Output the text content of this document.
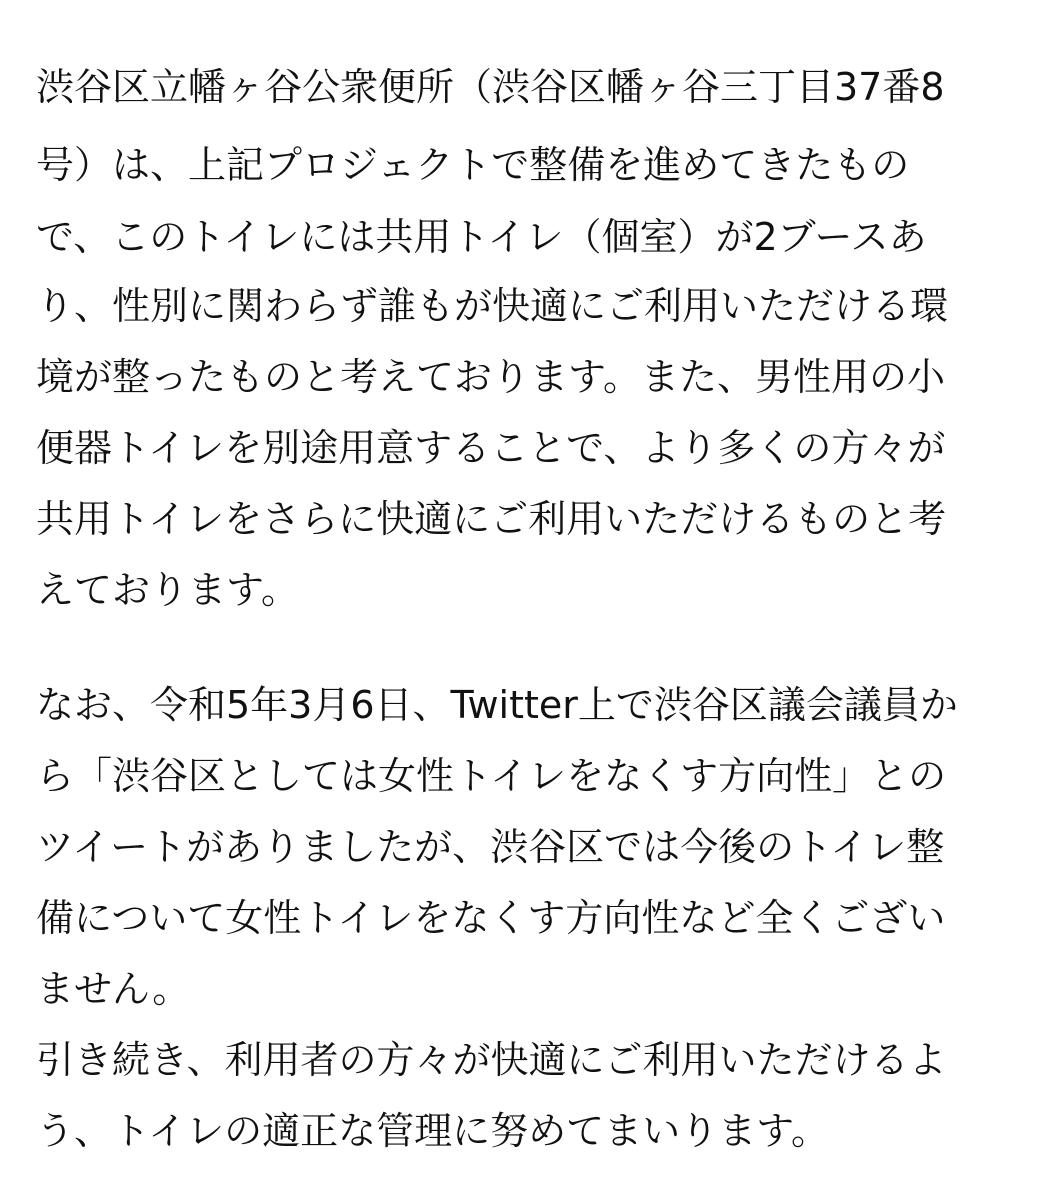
渋谷区立幡ヶ谷公衆便所（渋谷区幡ヶ谷三丁目37番8

号）は、上記プロジェクトで整備を進めてきたもの

で、このトイレには共用トイレ（個室）が2ブースあ

り、性別に関わらず誰もが快適にご利用いただける環

境が整ったものと考えております。また、男性用の小

便器トイレを別途用意することで、より多くの方々が

共用トイレをさらに快適にご利用いただけるものと考

えております。

なお、令和5年3月6日、Twitter上で渋谷区議会議員か

ら「渋谷区としては女性トイレをなくす方向性」との

ツイートがありましたが、渋谷区では今後のトイレ整

備について女性トイレをなくす方向性など全くござい

ません。

引き続き、利用者の方々が快適にご利用いただけるよ

う、トイレの適正な管理に努めてまいります。
